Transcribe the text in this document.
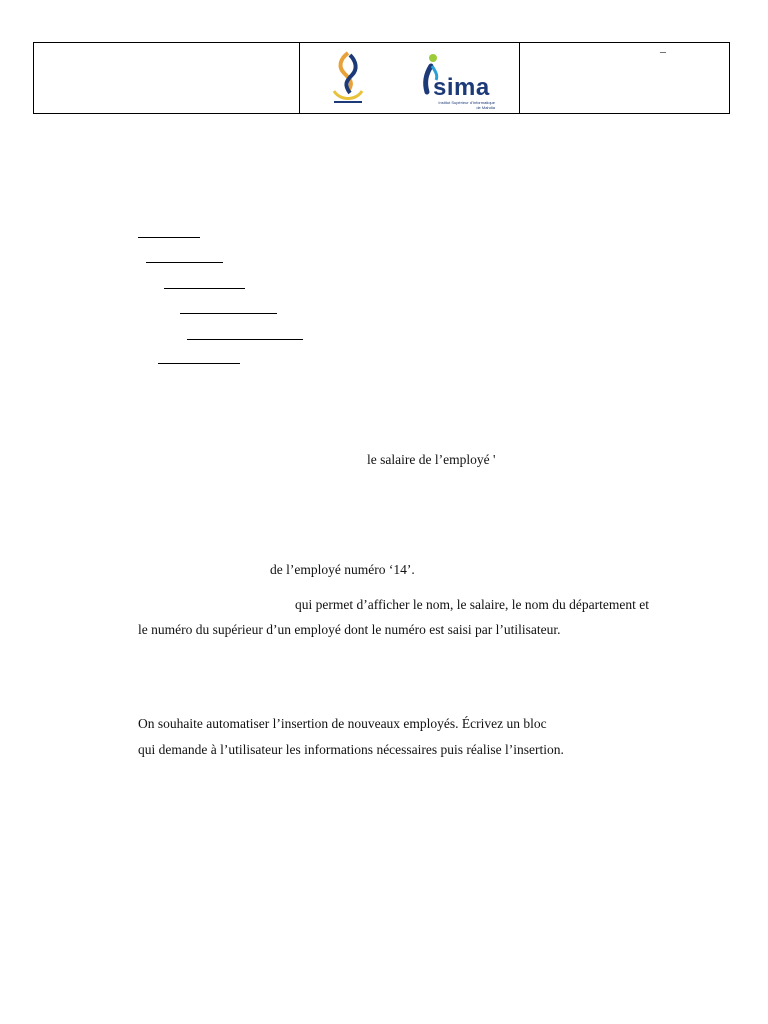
sima
Institut Supérieur d'Informatique de Mahdia
–
le salaire de l’employé '
de l’employé numéro ‘14’.
qui permet d’afficher le nom, le salaire, le nom du département et
le numéro du supérieur d’un employé dont le numéro est saisi par l’utilisateur.
On souhaite automatiser l’insertion de nouveaux employés. Écrivez un bloc
qui demande à l’utilisateur les informations nécessaires puis réalise l’insertion.
